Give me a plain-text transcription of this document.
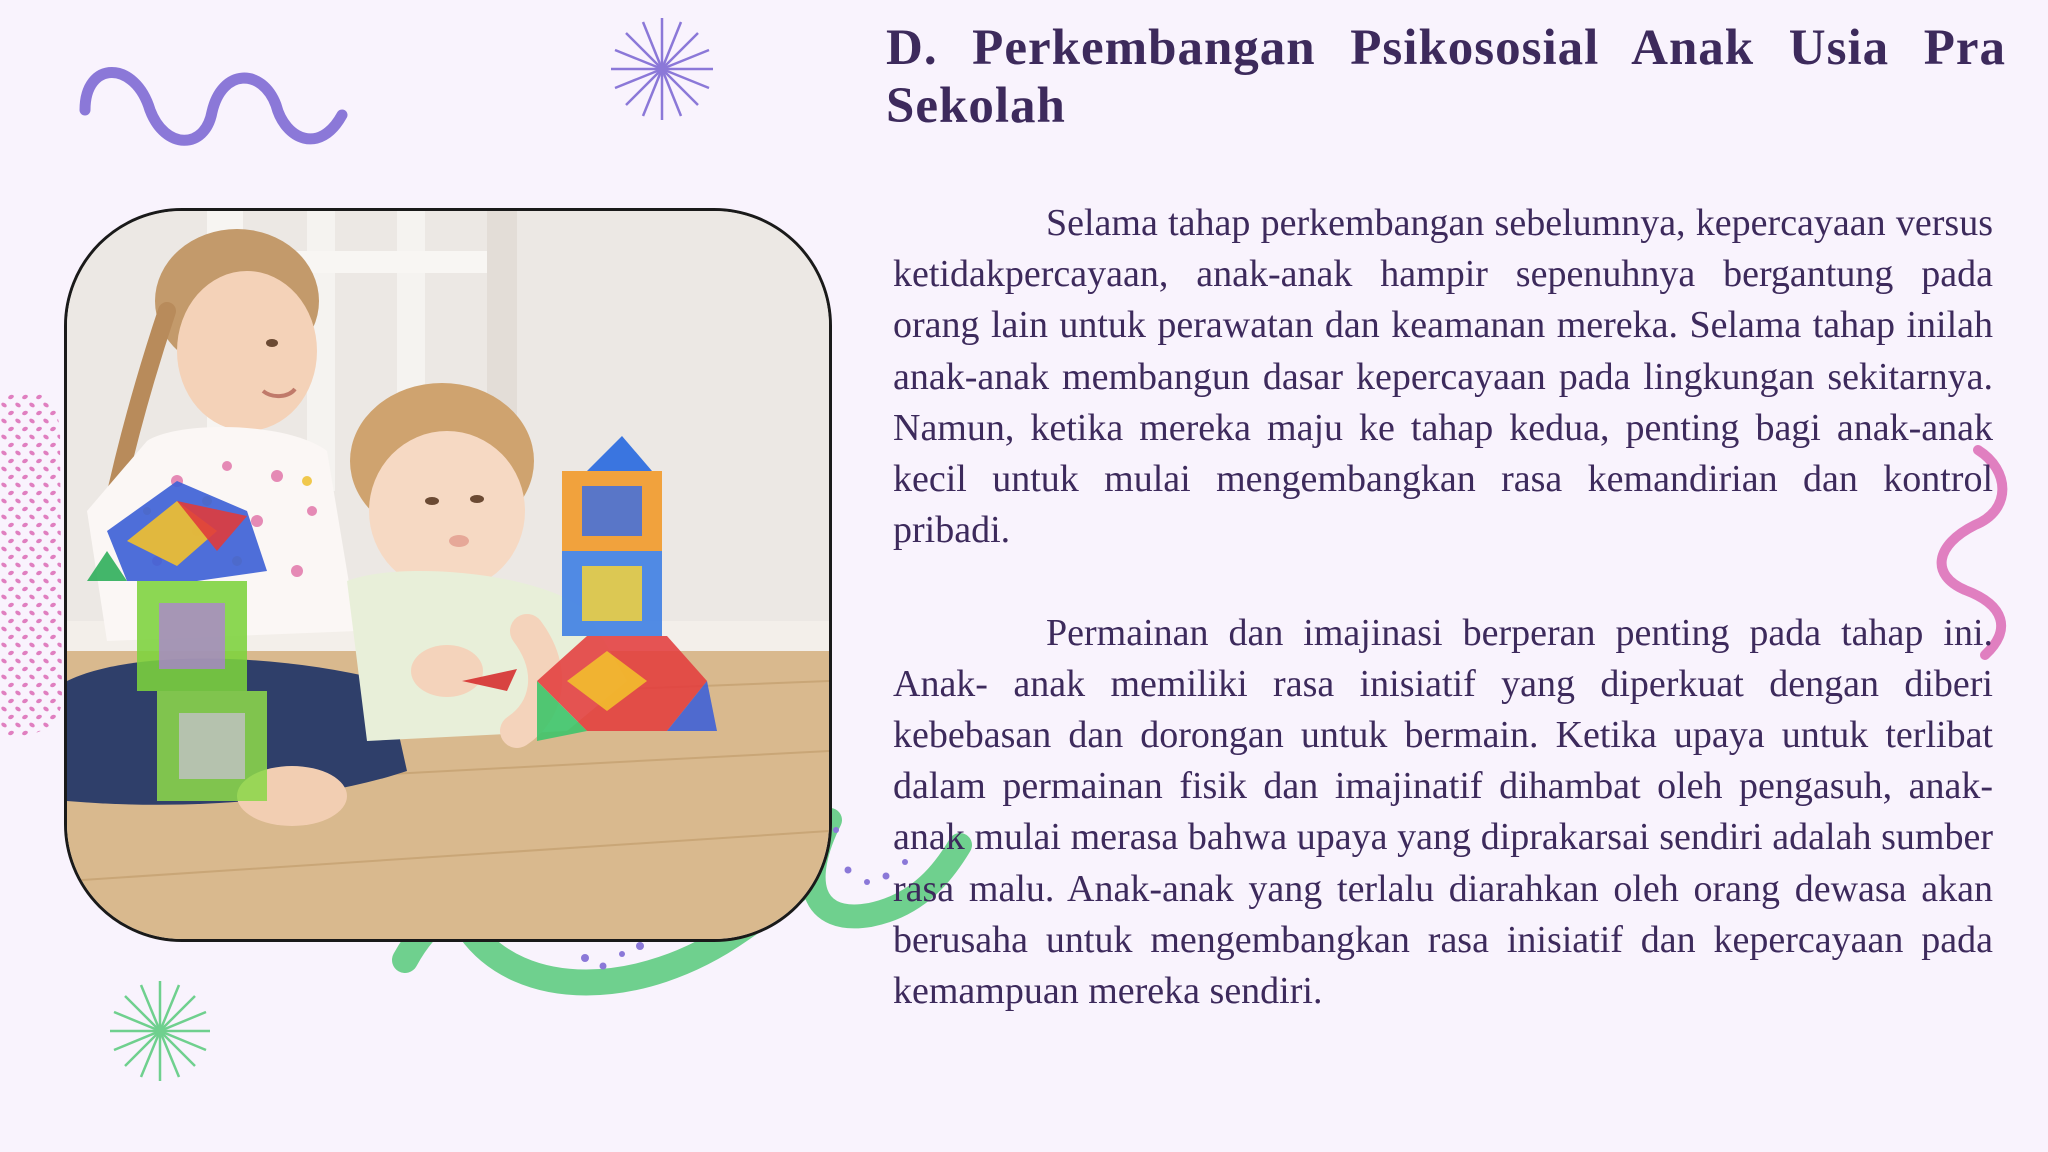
D. Perkembangan Psikososial Anak Usia Pra Sekolah

Selama tahap perkembangan sebelumnya, kepercayaan versus ketidakpercayaan, anak-anak hampir sepenuhnya bergantung pada orang lain untuk perawatan dan keamanan mereka. Selama tahap inilah anak-anak membangun dasar kepercayaan pada lingkungan sekitarnya. Namun, ketika mereka maju ke tahap kedua, penting bagi anak-anak kecil untuk mulai mengembangkan rasa kemandirian dan kontrol pribadi.

Permainan dan imajinasi berperan penting pada tahap ini. Anak- anak memiliki rasa inisiatif yang diperkuat dengan diberi kebebasan dan dorongan untuk bermain. Ketika upaya untuk terlibat dalam permainan fisik dan imajinatif dihambat oleh pengasuh, anak-anak mulai merasa bahwa upaya yang diprakarsai sendiri adalah sumber rasa malu. Anak-anak yang terlalu diarahkan oleh orang dewasa akan berusaha untuk mengembangkan rasa inisiatif dan kepercayaan pada kemampuan mereka sendiri.
